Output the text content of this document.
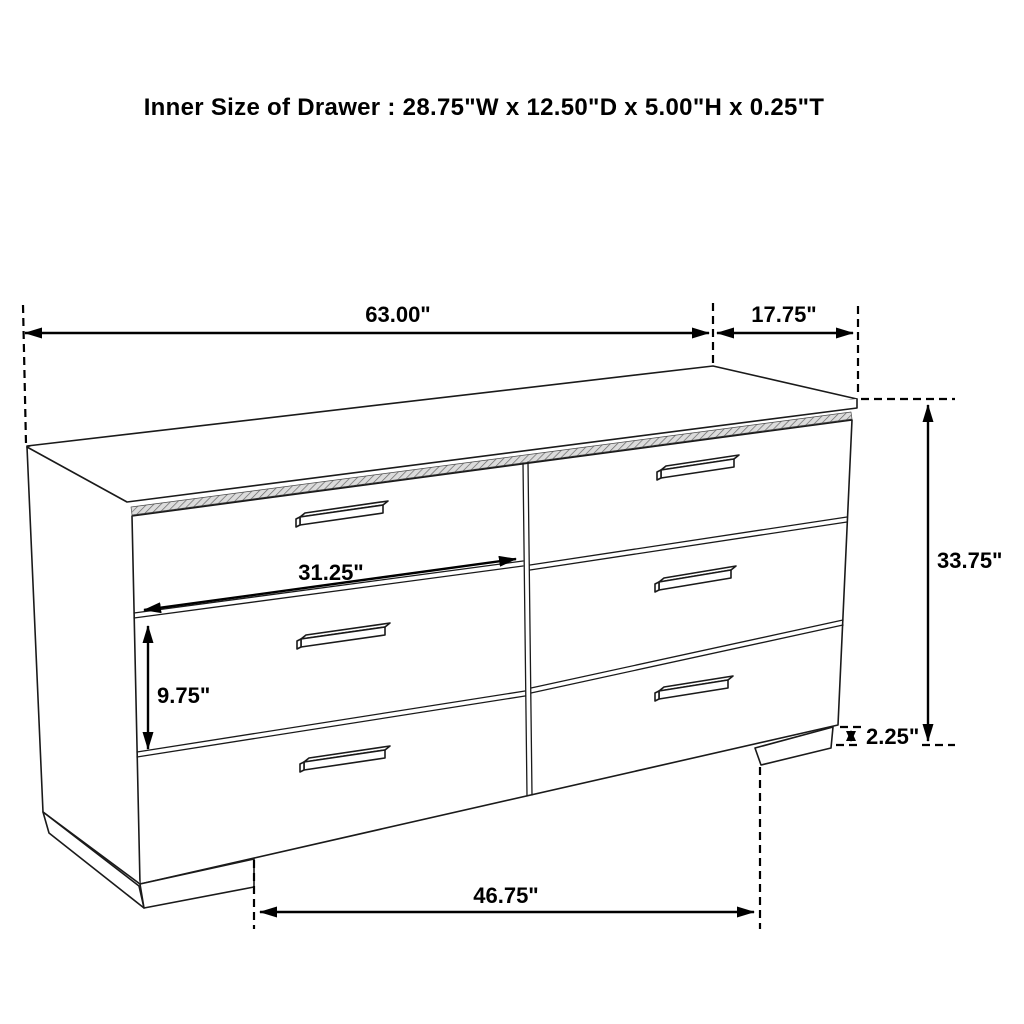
Inner Size of Drawer : 28.75"W x 12.50"D x 5.00"H x 0.25"T
63.00"	17.75"
33.75"
2.25"
31.25"
9.75"
46.75"
